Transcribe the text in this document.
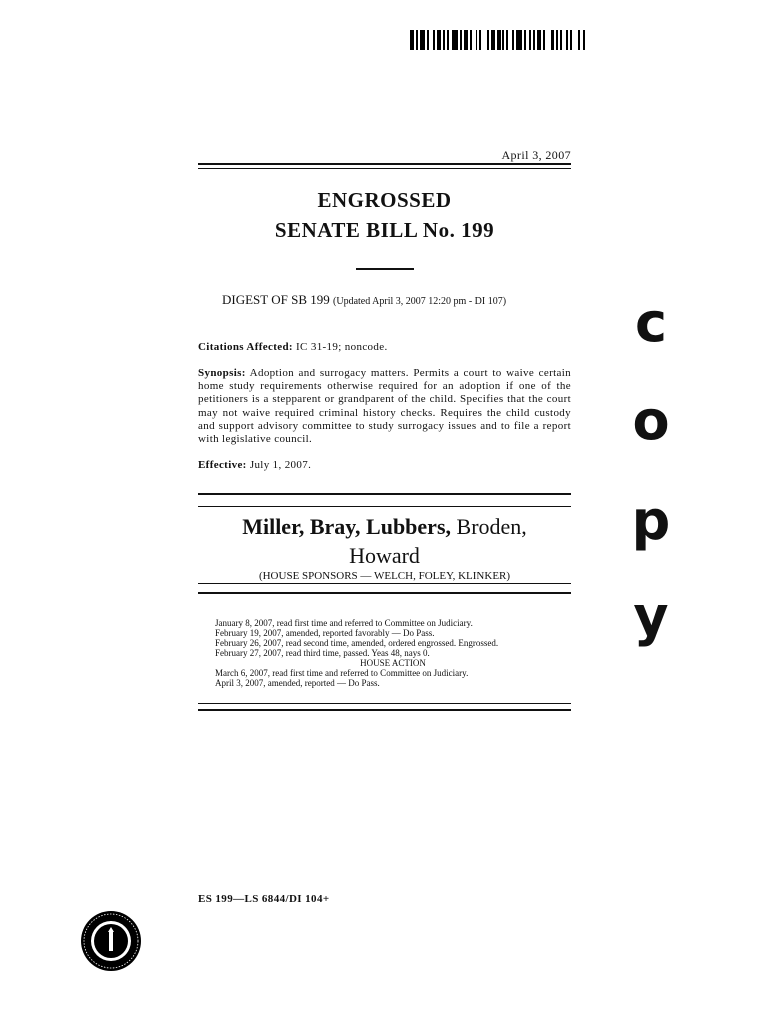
April 3, 2007
ENGROSSED
SENATE BILL No. 199
DIGEST OF SB 199 (Updated April 3, 2007 12:20 pm - DI 107)
Citations Affected: IC 31-19; noncode.
Synopsis: Adoption and surrogacy matters. Permits a court to waive certain home study requirements otherwise required for an adoption if one of the petitioners is a stepparent or grandparent of the child. Specifies that the court may not waive required criminal history checks. Requires the child custody and support advisory committee to study surrogacy issues and to file a report with legislative council.
Effective: July 1, 2007.
Miller, Bray, Lubbers, Broden,
Howard
(HOUSE SPONSORS — WELCH, FOLEY, KLINKER)
January 8, 2007, read first time and referred to Committee on Judiciary.
February 19, 2007, amended, reported favorably — Do Pass.
February 26, 2007, read second time, amended, ordered engrossed. Engrossed.
February 27, 2007, read third time, passed. Yeas 48, nays 0.
HOUSE ACTION
March 6, 2007, read first time and referred to Committee on Judiciary.
April 3, 2007, amended, reported — Do Pass.
ES 199—LS 6844/DI 104+
c
o
p
y
